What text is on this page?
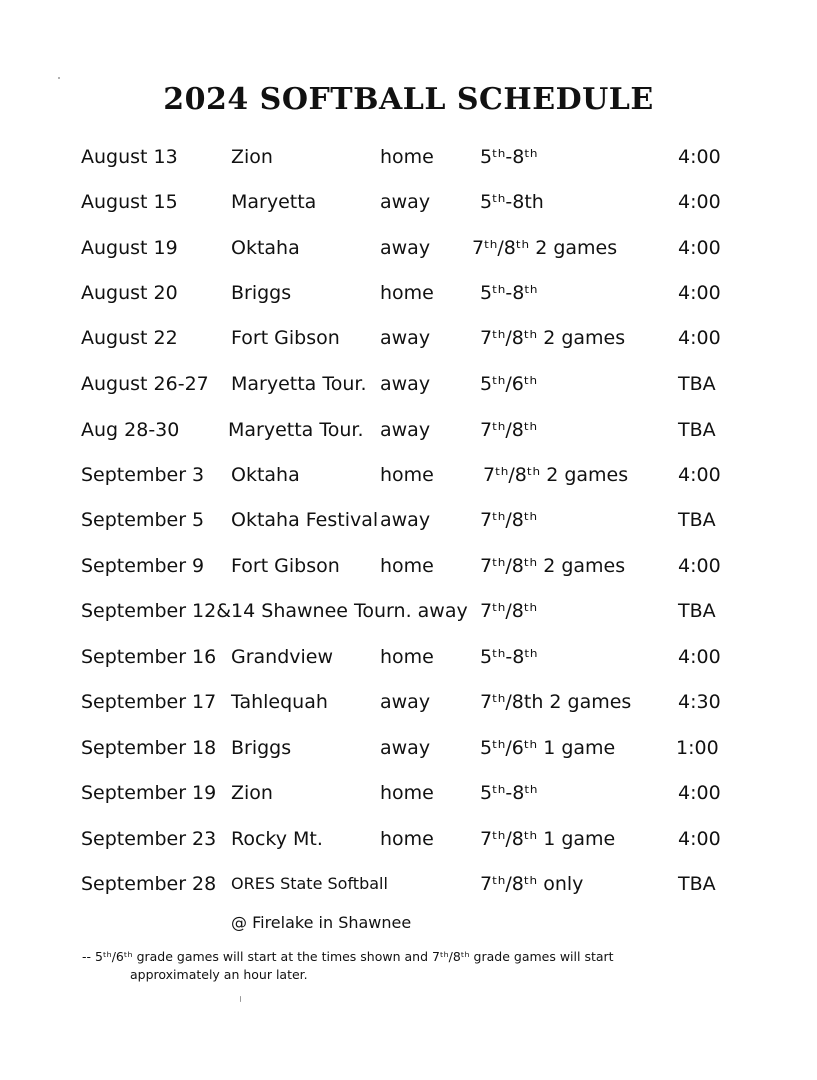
2024 SOFTBALL SCHEDULE
August 13	Zion	home 5ᵗʰ-8ᵗʰ	4:00
August 15	Maryetta	away	5ᵗʰ-8th	4:00
August 19	Oktaha	away 7ᵗʰ/8ᵗʰ 2 games	4:00
August 20	Briggs	home 5ᵗʰ-8ᵗʰ	4:00
August 22	Fort Gibson away	7ᵗʰ/8ᵗʰ 2 games	4:00
August 26-27 Maryetta Tour. away	5ᵗʰ/6ᵗʰ	TBA
Aug 28-30	Maryetta Tour. away	7ᵗʰ/8ᵗʰ	TBA
September 3 Oktaha	home	7ᵗʰ/8ᵗʰ 2 games	4:00
September 5 Oktaha Festival away	7ᵗʰ/8ᵗʰ	TBA
September 9 Fort Gibson home 7ᵗʰ/8ᵗʰ 2 games	4:00
September 12&14 Shawnee Tourn. away 7ᵗʰ/8ᵗʰ	TBA
September 16 Grandview home 5ᵗʰ-8ᵗʰ	4:00
September 17 Tahlequah	away	7ᵗʰ/8th 2 games 4:30
September 18 Briggs	away	5ᵗʰ/6ᵗʰ 1 game	1:00
September 19 Zion	home 5ᵗʰ-8ᵗʰ	4:00
September 23 Rocky Mt.	home 7ᵗʰ/8ᵗʰ 1 game	4:00
September 28 ORES State Softball	7ᵗʰ/8ᵗʰ only	TBA
@ Firelake in Shawnee
-- 5ᵗʰ/6ᵗʰ grade games will start at the times shown and 7ᵗʰ/8ᵗʰ grade games will start
approximately an hour later.
